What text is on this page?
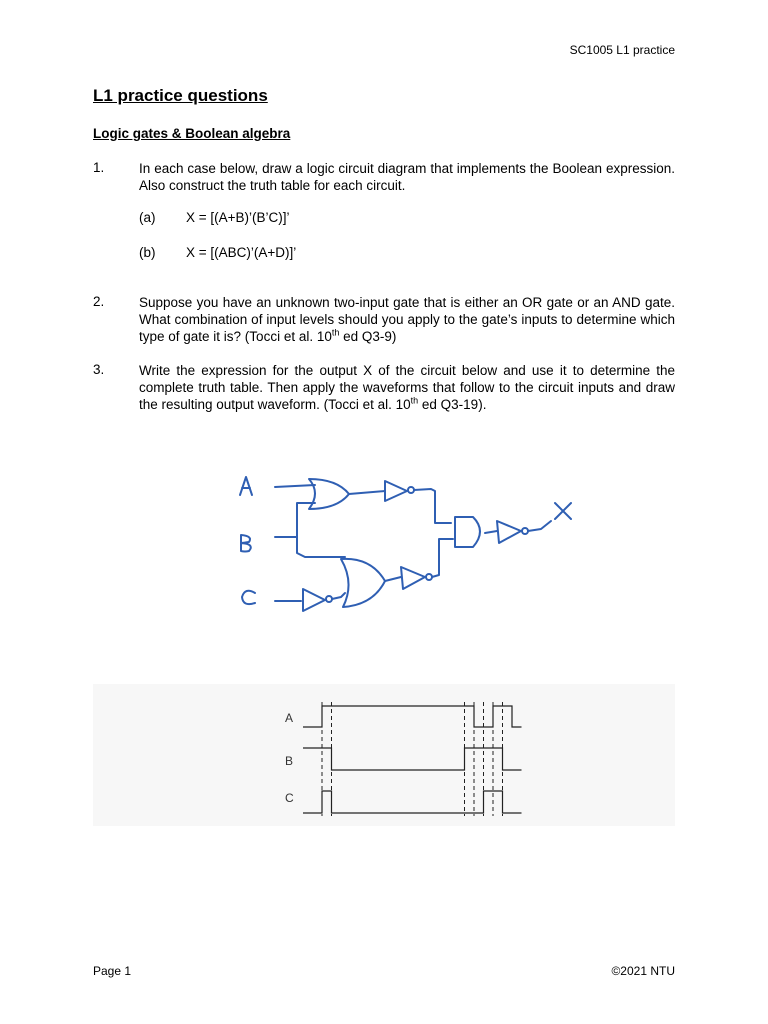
SC1005 L1 practice
L1 practice questions
Logic gates & Boolean algebra
1.	In each case below, draw a logic circuit diagram that implements the Boolean expression. Also construct the truth table for each circuit.
(a) X = [(A+B)’(B’C)]’
(b) X = [(ABC)’(A+D)]’
2.	Suppose you have an unknown two-input gate that is either an OR gate or an AND gate. What combination of input levels should you apply to the gate’s inputs to determine which type of gate it is? (Tocci et al. 10th ed Q3-9)
3.	Write the expression for the output X of the circuit below and use it to determine the complete truth table. Then apply the waveforms that follow to the circuit inputs and draw the resulting output waveform. (Tocci et al. 10th ed Q3-19).
A
B
C
Page 1	©2021 NTU
